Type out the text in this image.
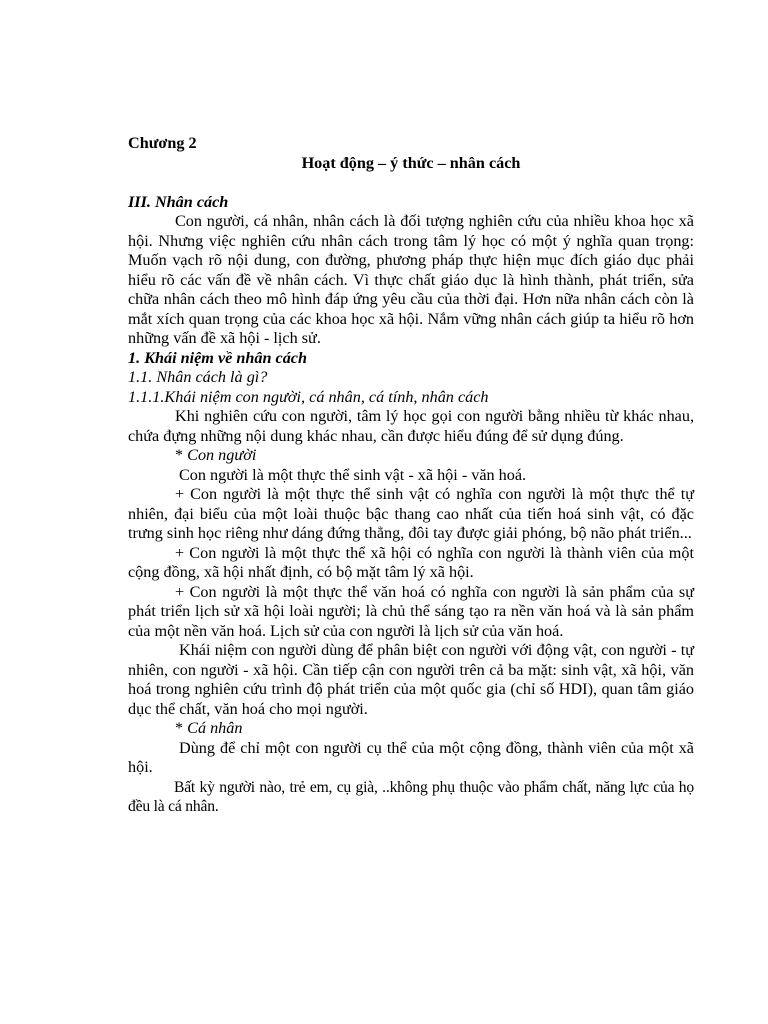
Chương 2

Hoạt động – ý thức – nhân cách

III. Nhân cách

Con người, cá nhân, nhân cách là đối tượng nghiên cứu của nhiều khoa học xã hội. Nhưng việc nghiên cứu nhân cách trong tâm lý học có một ý nghĩa quan trọng: Muốn vạch rõ nội dung, con đường, phương pháp thực hiện mục đích giáo dục phải hiểu rõ các vấn đề về nhân cách. Vì thực chất giáo dục là hình thành, phát triển, sửa chữa nhân cách theo mô hình đáp ứng yêu cầu của thời đại. Hơn nữa nhân cách còn là mắt xích quan trọng của các khoa học xã hội. Nắm vững nhân cách giúp ta hiểu rõ hơn những vấn đề xã hội - lịch sử.

1. Khái niệm về nhân cách

1.1. Nhân cách là gì?

1.1.1.Khái niệm con người, cá nhân, cá tính, nhân cách

Khi nghiên cứu con người, tâm lý học gọi con người bằng nhiều từ khác nhau, chứa đựng những nội dung khác nhau, cần được hiểu đúng để sử dụng đúng.

* Con người

Con người là một thực thể sinh vật - xã hội - văn hoá.

+ Con người là một thực thể sinh vật có nghĩa con người là một thực thể tự nhiên, đại biểu của một loài thuộc bậc thang cao nhất của tiến hoá sinh vật, có đặc trưng sinh học riêng như dáng đứng thẳng, đôi tay được giải phóng, bộ não phát triển...

+ Con người là một thực thể xã hội có nghĩa con người là thành viên của một cộng đồng, xã hội nhất định, có bộ mặt tâm lý xã hội.

+ Con người là một thực thể văn hoá có nghĩa con người là sản phẩm của sự phát triển lịch sử xã hội loài người; là chủ thể sáng tạo ra nền văn hoá và là sản phẩm của một nền văn hoá. Lịch sử của con người là lịch sử của văn hoá.

Khái niệm con người dùng để phân biệt con người với động vật, con người - tự nhiên, con người - xã hội. Cần tiếp cận con người trên cả ba mặt: sinh vật, xã hội, văn hoá trong nghiên cứu trình độ phát triển của một quốc gia (chỉ số HDI), quan tâm giáo dục thể chất, văn hoá cho mọi người.

* Cá nhân

Dùng để chỉ một con người cụ thể của một cộng đồng, thành viên của một xã hội.

Bất kỳ người nào, trẻ em, cụ già, ..không phụ thuộc vào phẩm chất, năng lực của họ đều là cá nhân.
